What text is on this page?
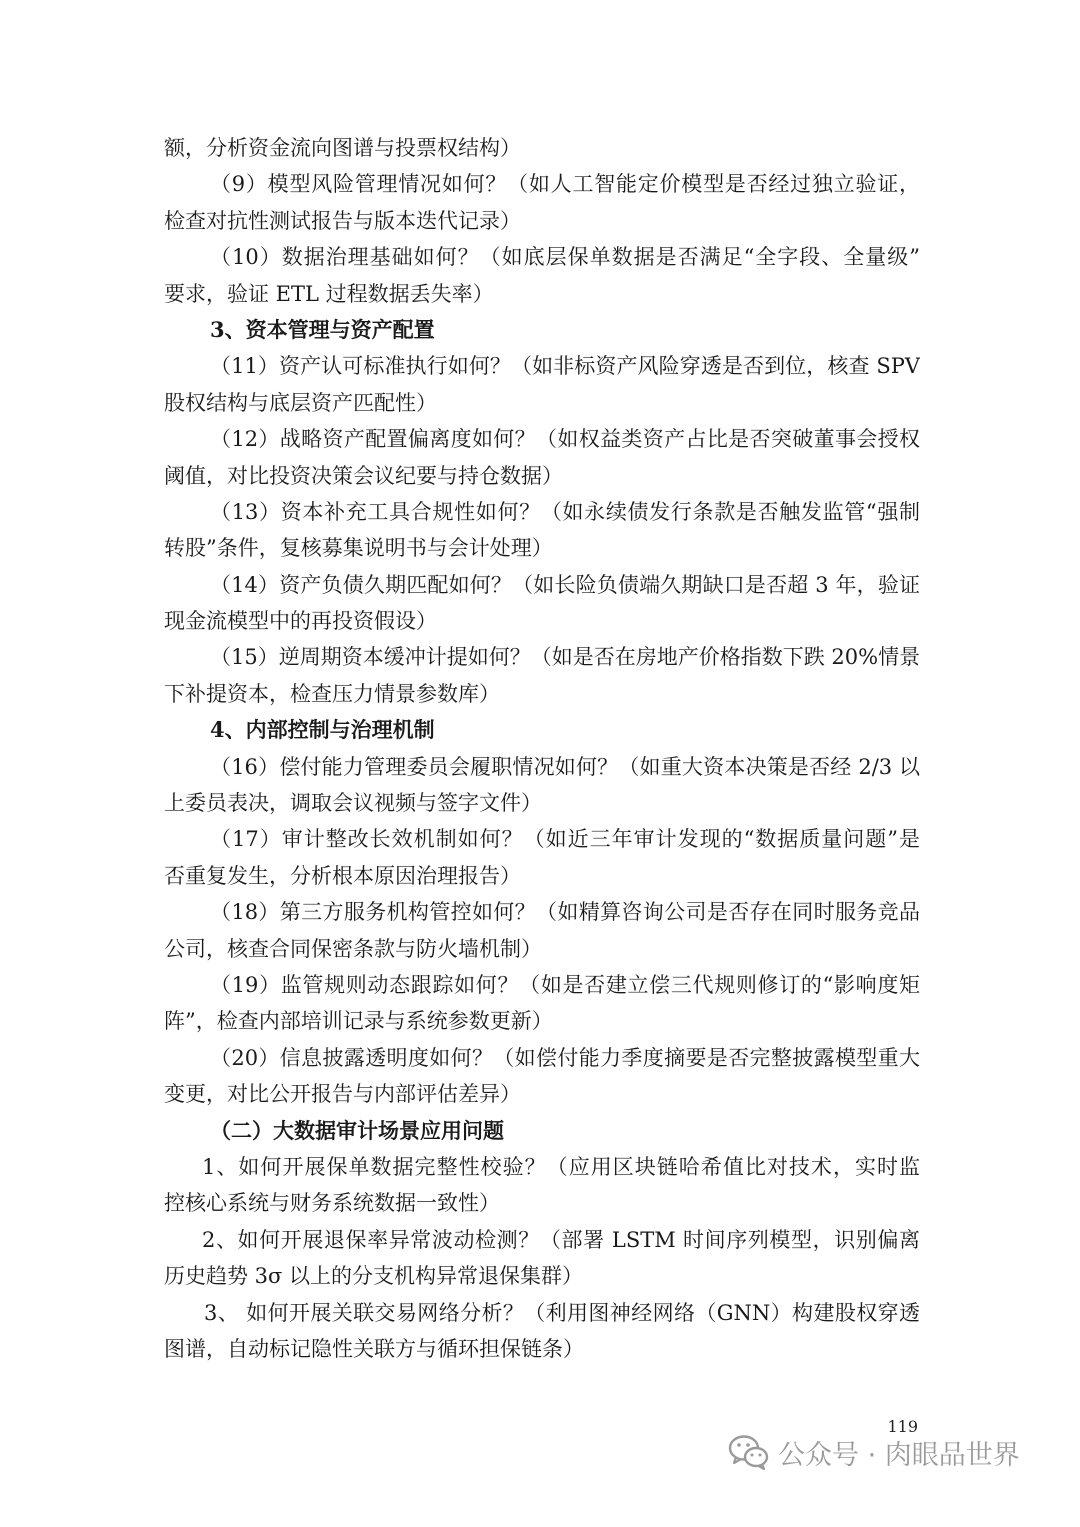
额，分析资金流向图谱与投票权结构）
（9）模型风险管理情况如何？（如人工智能定价模型是否经过独立验证，
检查对抗性测试报告与版本迭代记录）
（10）数据治理基础如何？（如底层保单数据是否满足“全字段、全量级”
要求，验证 ETL 过程数据丢失率）
3、资本管理与资产配置
（11）资产认可标准执行如何？（如非标资产风险穿透是否到位，核查 SPV
股权结构与底层资产匹配性）
（12）战略资产配置偏离度如何？（如权益类资产占比是否突破董事会授权
阈值，对比投资决策会议纪要与持仓数据）
（13）资本补充工具合规性如何？（如永续债发行条款是否触发监管“强制
转股”条件，复核募集说明书与会计处理）
（14）资产负债久期匹配如何？（如长险负债端久期缺口是否超 3 年，验证
现金流模型中的再投资假设）
（15）逆周期资本缓冲计提如何？（如是否在房地产价格指数下跌 20%情景
下补提资本，检查压力情景参数库）
4、内部控制与治理机制
（16）偿付能力管理委员会履职情况如何？（如重大资本决策是否经 2/3 以
上委员表决，调取会议视频与签字文件）
（17）审计整改长效机制如何？（如近三年审计发现的“数据质量问题”是
否重复发生，分析根本原因治理报告）
（18）第三方服务机构管控如何？（如精算咨询公司是否存在同时服务竞品
公司，核查合同保密条款与防火墙机制）
（19）监管规则动态跟踪如何？（如是否建立偿三代规则修订的“影响度矩
阵”，检查内部培训记录与系统参数更新）
（20）信息披露透明度如何？（如偿付能力季度摘要是否完整披露模型重大
变更，对比公开报告与内部评估差异）
（二）大数据审计场景应用问题
1、如何开展保单数据完整性校验？（应用区块链哈希值比对技术，实时监
控核心系统与财务系统数据一致性）
2、如何开展退保率异常波动检测？（部署 LSTM 时间序列模型，识别偏离
历史趋势 3σ 以上的分支机构异常退保集群）
3、 如何开展关联交易网络分析？（利用图神经网络（GNN）构建股权穿透
图谱，自动标记隐性关联方与循环担保链条）
119
公众号 · 肉眼品世界
